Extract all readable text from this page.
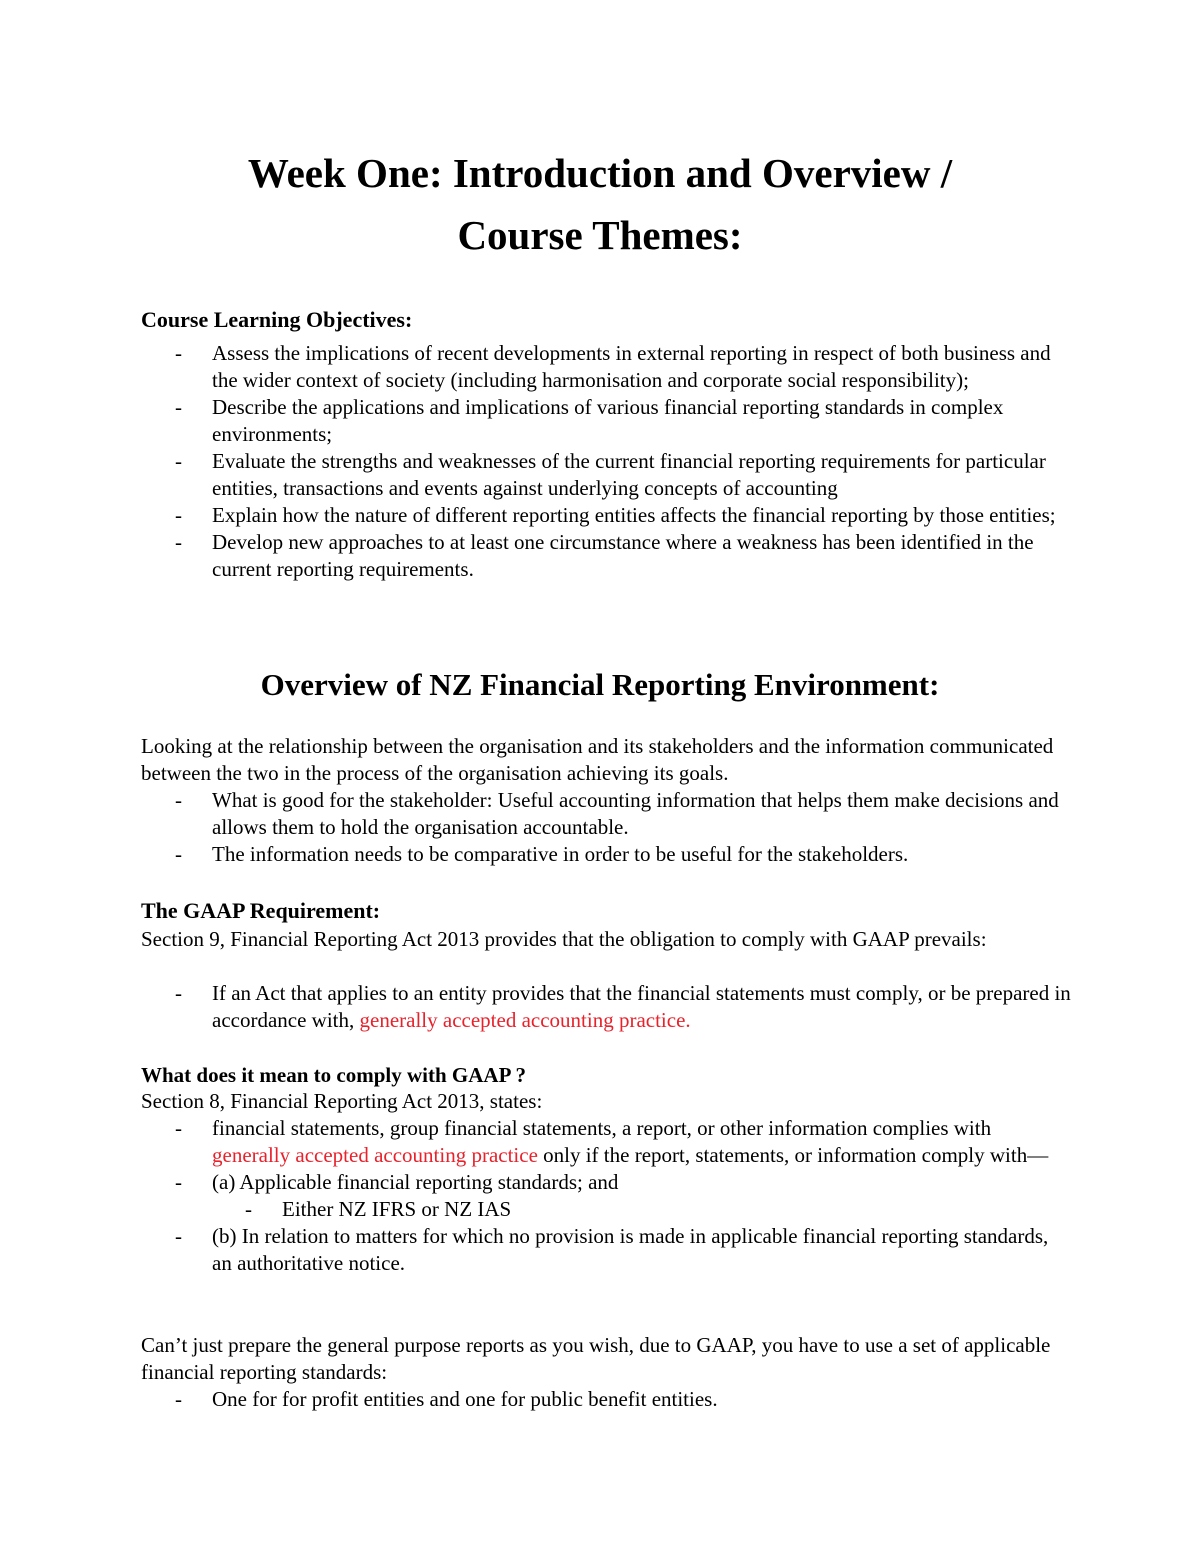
Week One: Introduction and Overview /
Course Themes:
Course Learning Objectives:
- Assess the implications of recent developments in external reporting in respect of both business and the wider context of society (including harmonisation and corporate social responsibility);
- Describe the applications and implications of various financial reporting standards in complex environments;
- Evaluate the strengths and weaknesses of the current financial reporting requirements for particular entities, transactions and events against underlying concepts of accounting
- Explain how the nature of different reporting entities affects the financial reporting by those entities;
- Develop new approaches to at least one circumstance where a weakness has been identified in the current reporting requirements.
Overview of NZ Financial Reporting Environment:

Looking at the relationship between the organisation and its stakeholders and the information communicated between the two in the process of the organisation achieving its goals.

- What is good for the stakeholder: Useful accounting information that helps them make decisions and allows them to hold the organisation accountable.
- The information needs to be comparative in order to be useful for the stakeholders.
The GAAP Requirement:

Section 9, Financial Reporting Act 2013 provides that the obligation to comply with GAAP prevails:

- If an Act that applies to an entity provides that the financial statements must comply, or be prepared in accordance with, generally accepted accounting practice.
What does it mean to comply with GAAP ?

Section 8, Financial Reporting Act 2013, states:

- financial statements, group financial statements, a report, or other information complies with generally accepted accounting practice only if the report, statements, or information comply with—
- (a) Applicable financial reporting standards; and
- Either NZ IFRS or NZ IAS
- (b) In relation to matters for which no provision is made in applicable financial reporting standards, an authoritative notice.

Can’t just prepare the general purpose reports as you wish, due to GAAP, you have to use a set of applicable financial reporting standards:

- One for for profit entities and one for public benefit entities.
